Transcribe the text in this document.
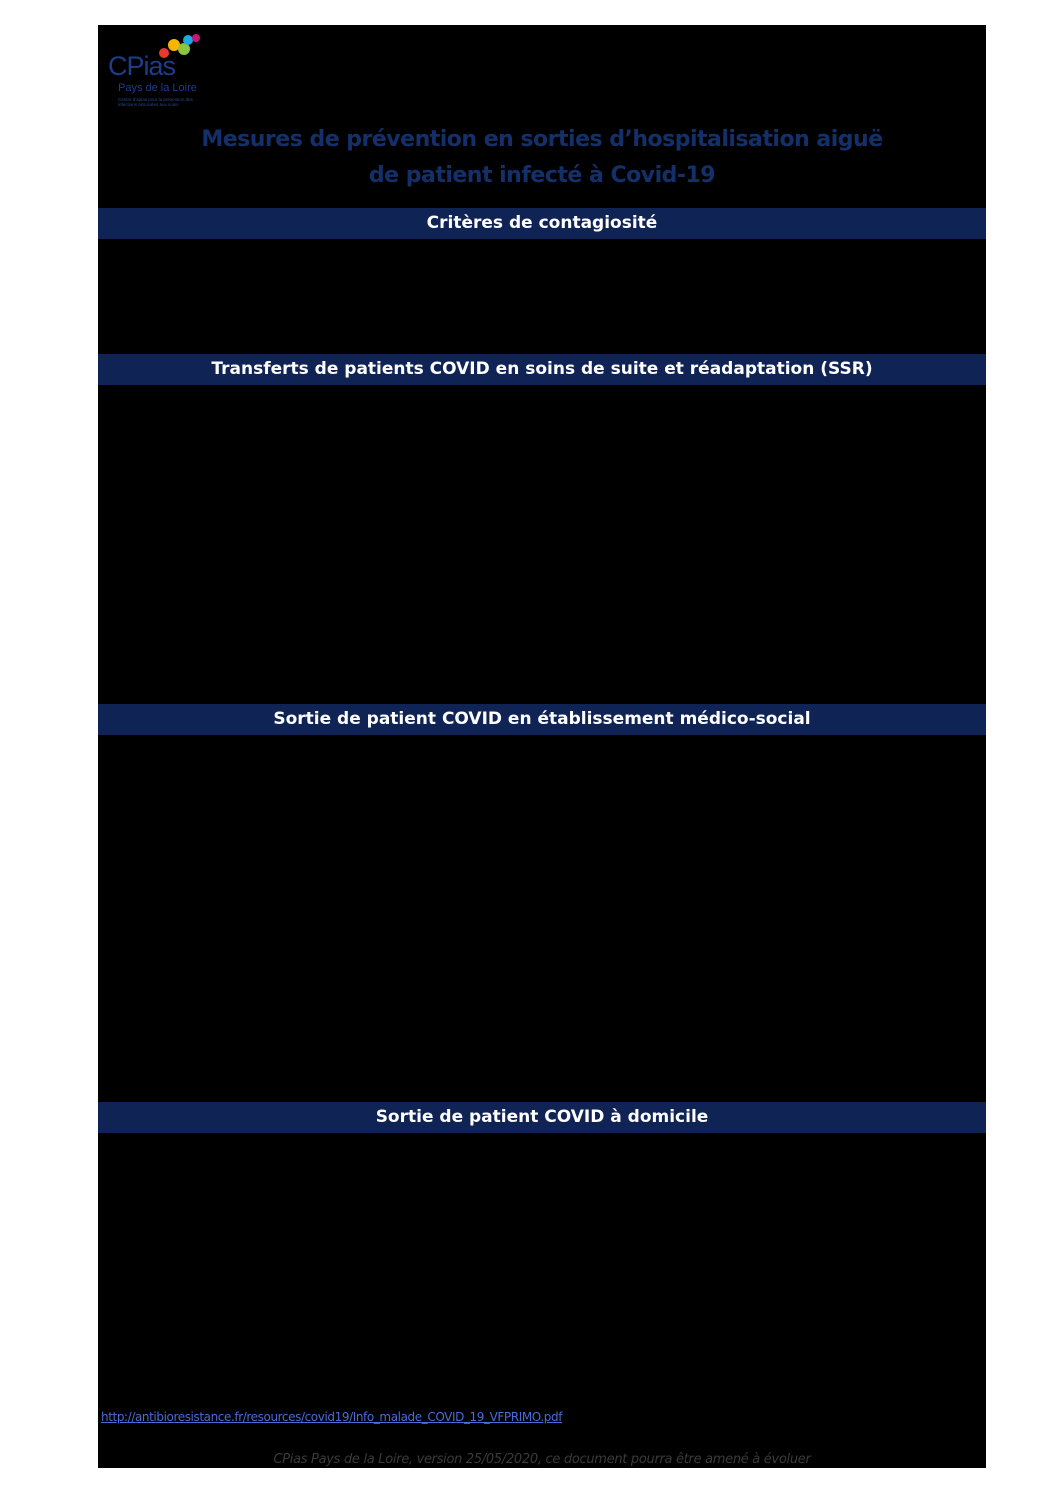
CPias
Pays de la Loire
Centre d'appui pour la prévention des infections associées aux soins
Mesures de prévention en sorties d’hospitalisation aiguë
de patient infecté à Covid-19
Critères de contagiosité
Transferts de patients COVID en soins de suite et réadaptation (SSR)
Sortie de patient COVID en établissement médico-social
Sortie de patient COVID à domicile
http://antibioresistance.fr/resources/covid19/Info_malade_COVID_19_VFPRIMO.pdf
CPias Pays de la Loire, version 25/05/2020, ce document pourra être amené à évoluer
